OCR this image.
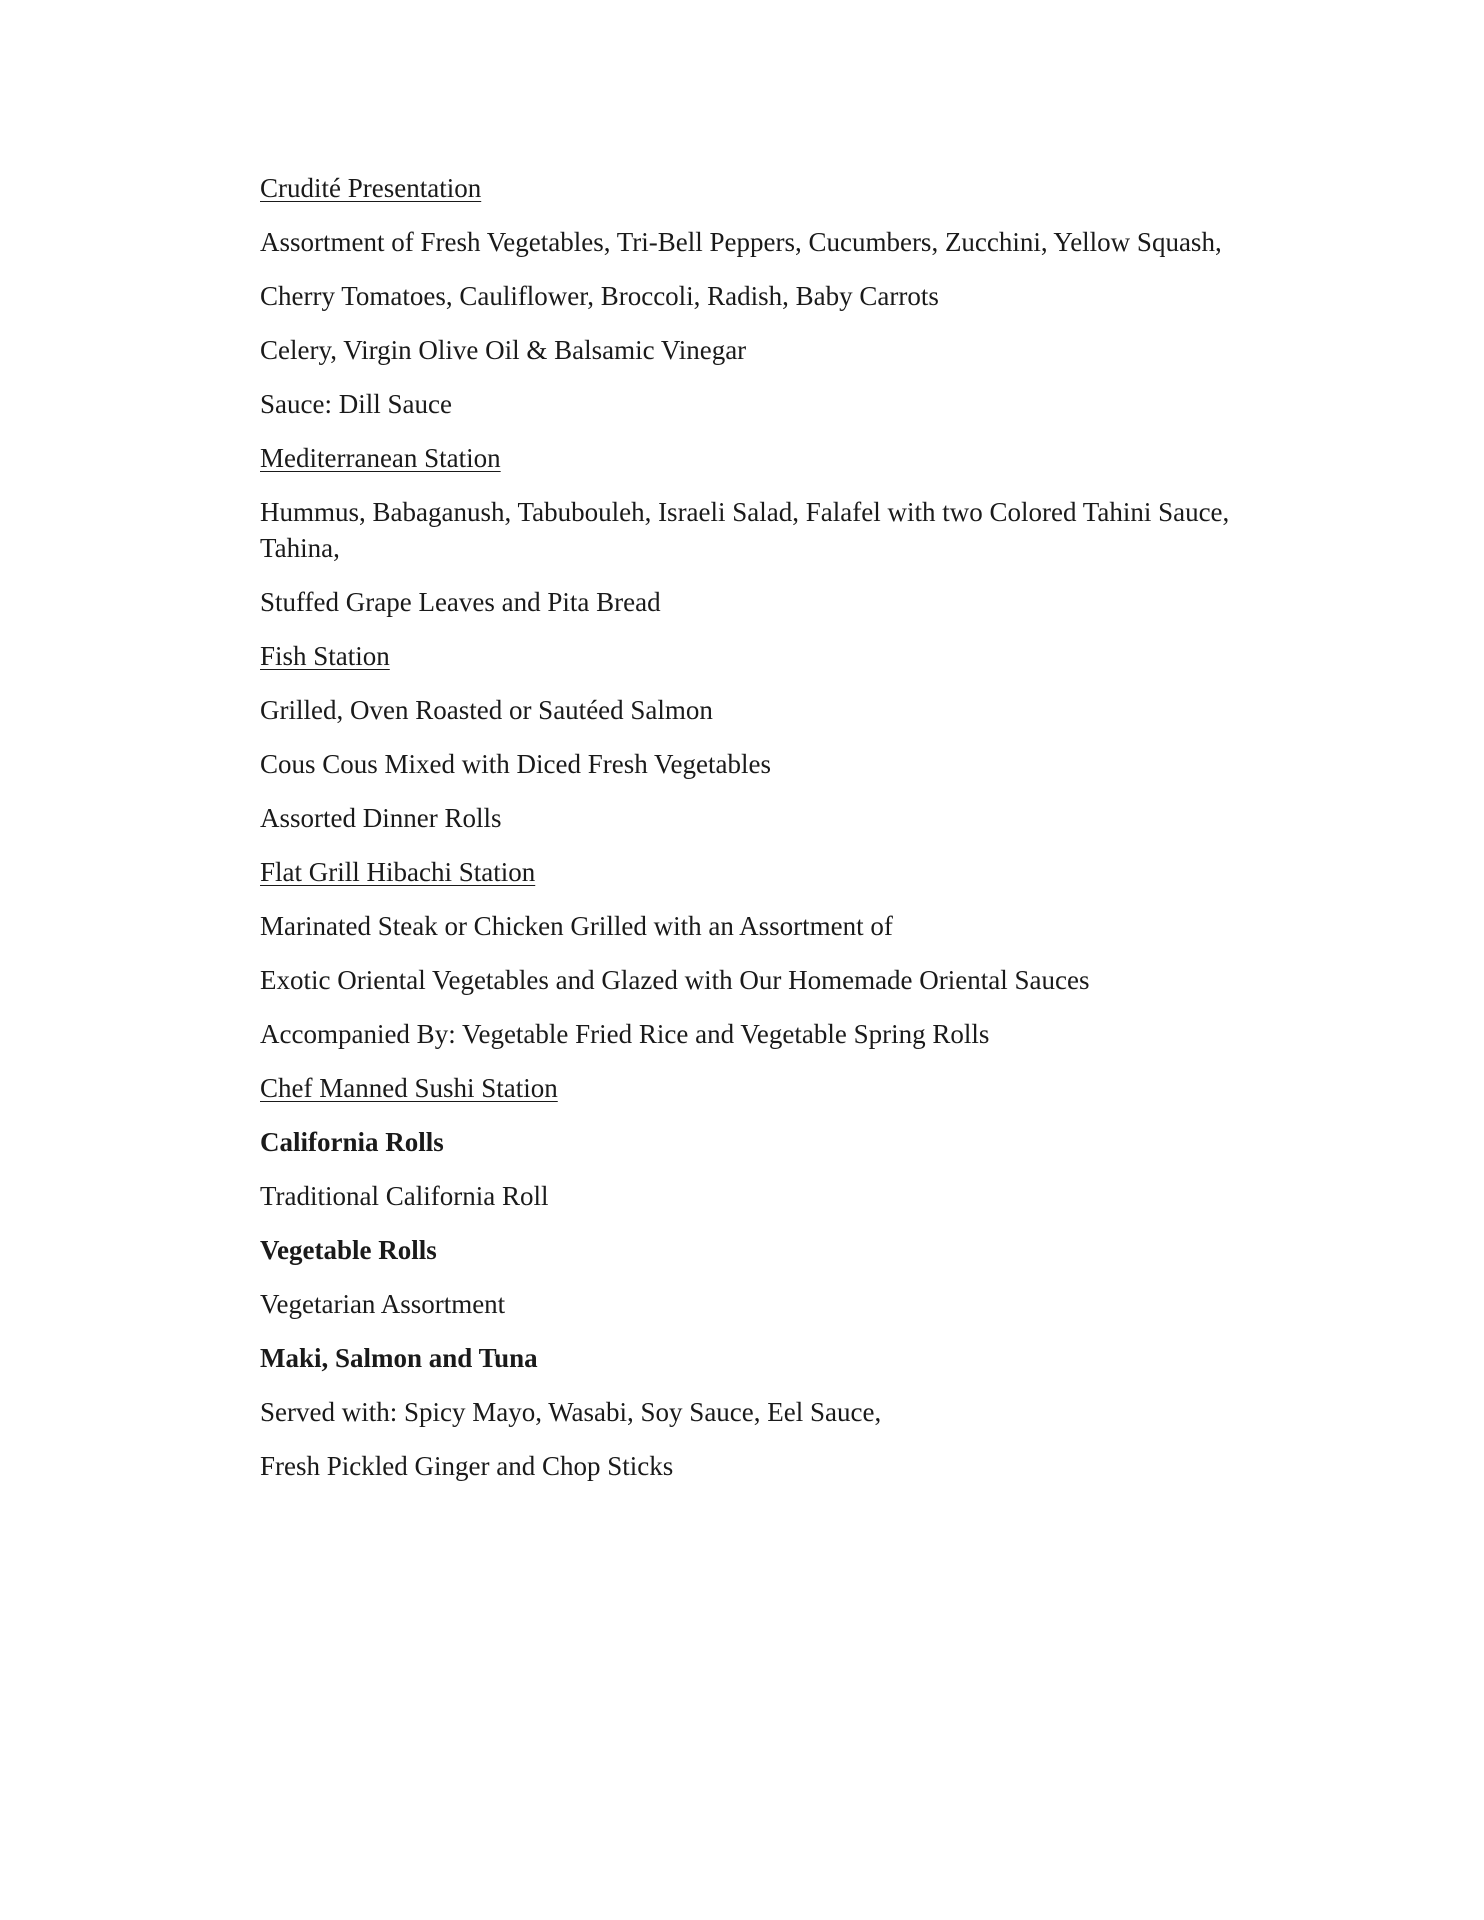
Crudité Presentation
Assortment of Fresh Vegetables, Tri-Bell Peppers, Cucumbers, Zucchini, Yellow Squash,
Cherry Tomatoes, Cauliflower, Broccoli, Radish, Baby Carrots
Celery, Virgin Olive Oil & Balsamic Vinegar
Sauce: Dill Sauce
Mediterranean Station
Hummus, Babaganush, Tabubouleh, Israeli Salad, Falafel with two Colored Tahini Sauce, Tahina,
Stuffed Grape Leaves and Pita Bread
Fish Station
Grilled, Oven Roasted or Sautéed Salmon
Cous Cous Mixed with Diced Fresh Vegetables
Assorted Dinner Rolls
Flat Grill Hibachi Station
Marinated Steak or Chicken Grilled with an Assortment of
Exotic Oriental Vegetables and Glazed with Our Homemade Oriental Sauces
Accompanied By: Vegetable Fried Rice and Vegetable Spring Rolls
Chef Manned Sushi Station
California Rolls
Traditional California Roll
Vegetable Rolls
Vegetarian Assortment
Maki, Salmon and Tuna
Served with: Spicy Mayo, Wasabi, Soy Sauce, Eel Sauce,
Fresh Pickled Ginger and Chop Sticks
